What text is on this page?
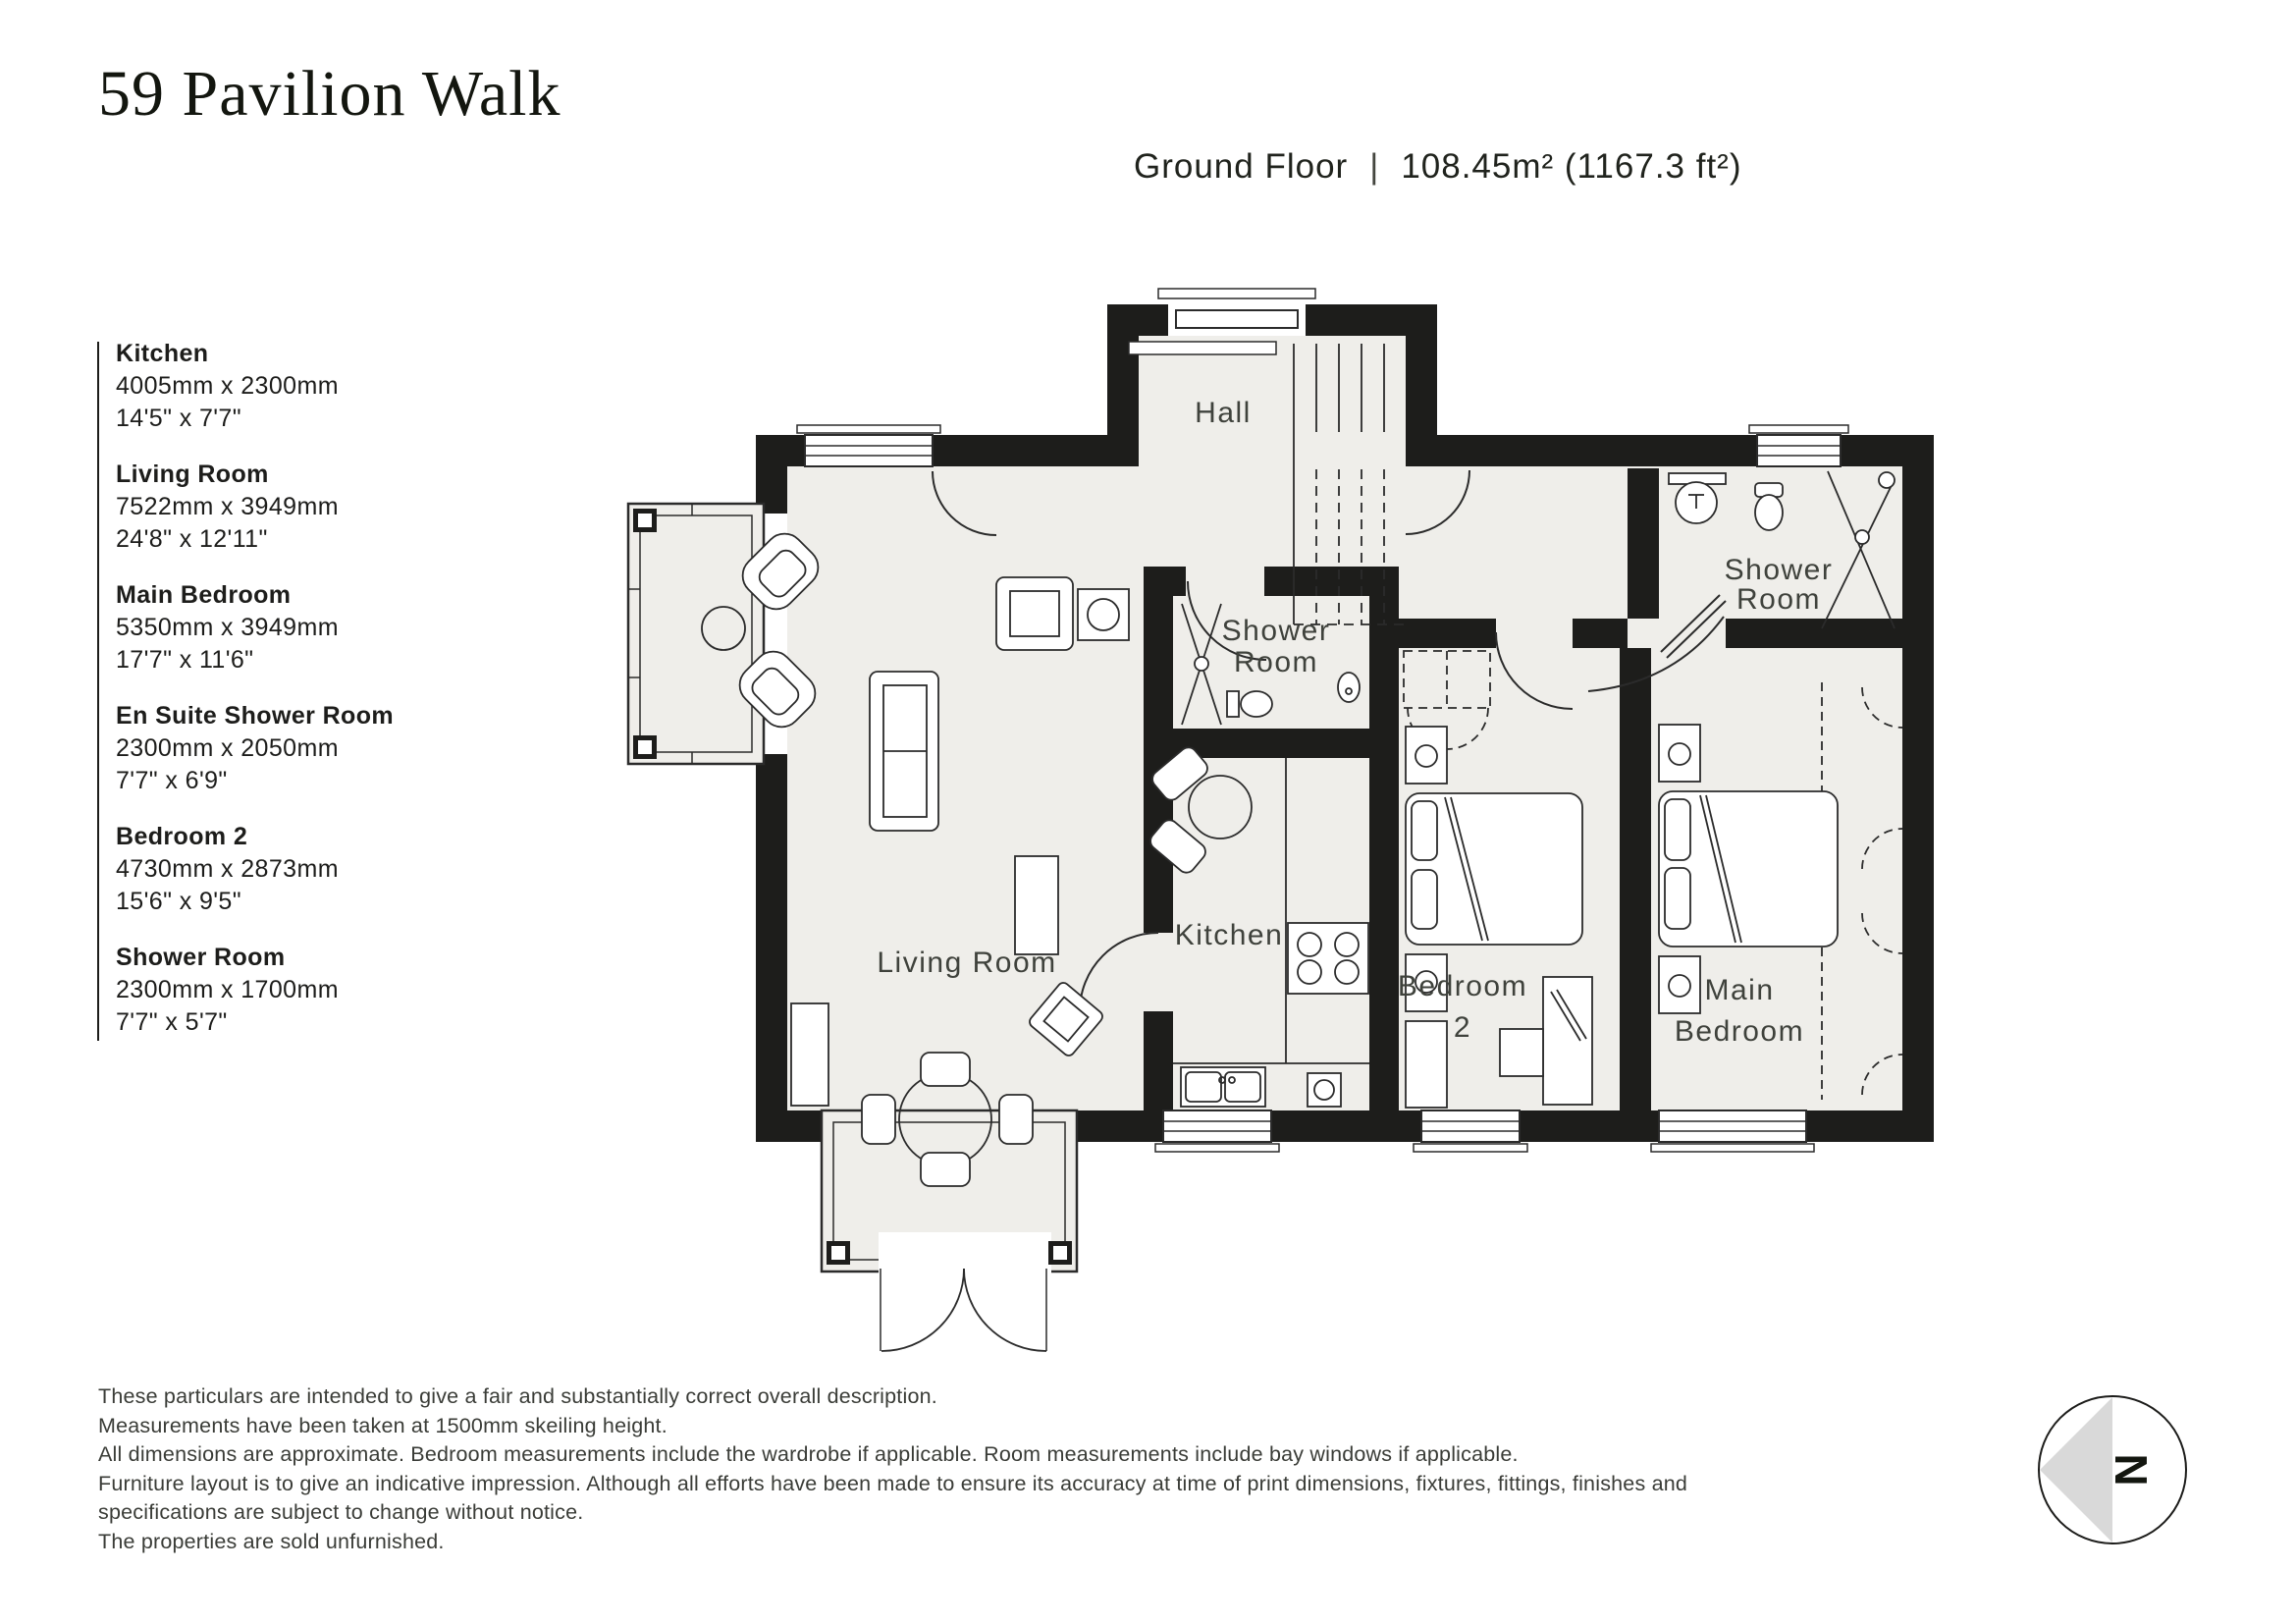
59 Pavilion Walk
Ground Floor | 108.45m² (1167.3 ft²)
Kitchen
4005mm x 2300mm
14'5" x 7'7"
Living Room
7522mm x 3949mm
24'8" x 12'11"
Main Bedroom
5350mm x 3949mm
17'7" x 11'6"
En Suite Shower Room
2300mm x 2050mm
7'7" x 6'9"
Bedroom 2
4730mm x 2873mm
15'6" x 9'5"
Shower Room
2300mm x 1700mm
7'7" x 5'7"
Hall
Living Room
Kitchen
Shower
Room
Bedroom
2
Main
Bedroom
Shower
Room
These particulars are intended to give a fair and substantially correct overall description.
Measurements have been taken at 1500mm skeiling height.
All dimensions are approximate. Bedroom measurements include the wardrobe if applicable. Room measurements include bay windows if applicable.
Furniture layout is to give an indicative impression. Although all efforts have been made to ensure its accuracy at time of print dimensions, fixtures, fittings, finishes and
specifications are subject to change without notice.
The properties are sold unfurnished.
N
